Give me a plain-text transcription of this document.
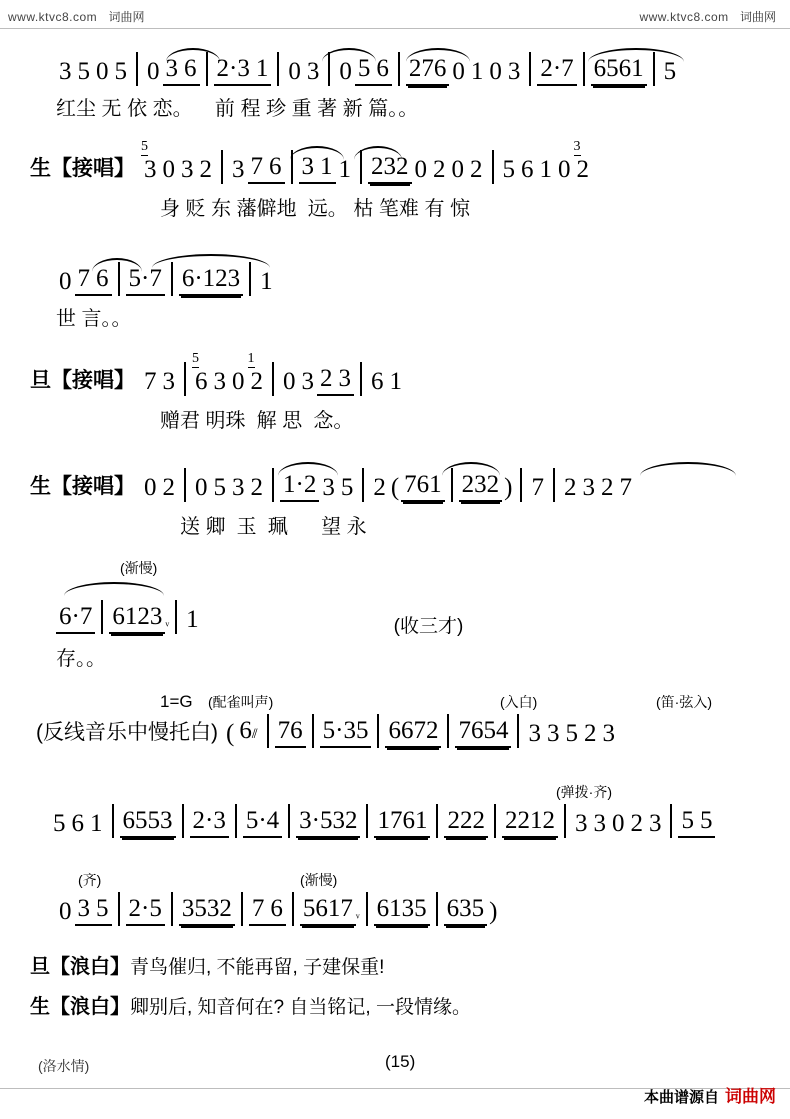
www.ktvc8.com 词曲网	www.ktvc8.com 词曲网
3 5 0 5 0 3 6 2·3 1 0 3 0 5 6 276 0 1 0 3 2·7 6561 5
红尘 无 依 恋。    前 程 珍 重 著 新 篇。。
生【接唱】 3
5
0 3 2 3 7 6 3 1 1 232 0 2 0 2 5 6 1 0 2
3
身 贬 东 藩僻地  远。 枯 笔难 有 惊
0 7 6 5·7 6·123 1
世 言。。
旦【接唱】 7 3 6
5
3 0 2
1
0 3 2 3 6 1
赠君 明珠  解 思  念。
生【接唱】 0 2 0 5 3 2 1·2 3 5 2 ( 761 232 ) 7 2 3 2 7
送 卿  玉  珮      望 永
(渐慢)
6·7 6123 ᵛ 1	(收三才)
存。。
1=G (配雀叫声)	(入白)	(笛·弦入)
(反线音乐中慢托白) ( 6⫽ 76 5·35 6672 7654 3 3 5 2 3
(弹拨·齐)
5 6 1 6553 2·3 5·4 3·532 1761 222 2212 3 3 0 2 3 5 5
(齐)	(渐慢)
0 3 5 2·5 3532 7 6 5617 ᵛ 6135 635 )
旦【浪白】青鸟催归, 不能再留, 子建保重!
生【浪白】卿别后, 知音何在? 自当铭记, 一段情缘。
(洛水情)	(15)
本曲谱源自 词曲网
